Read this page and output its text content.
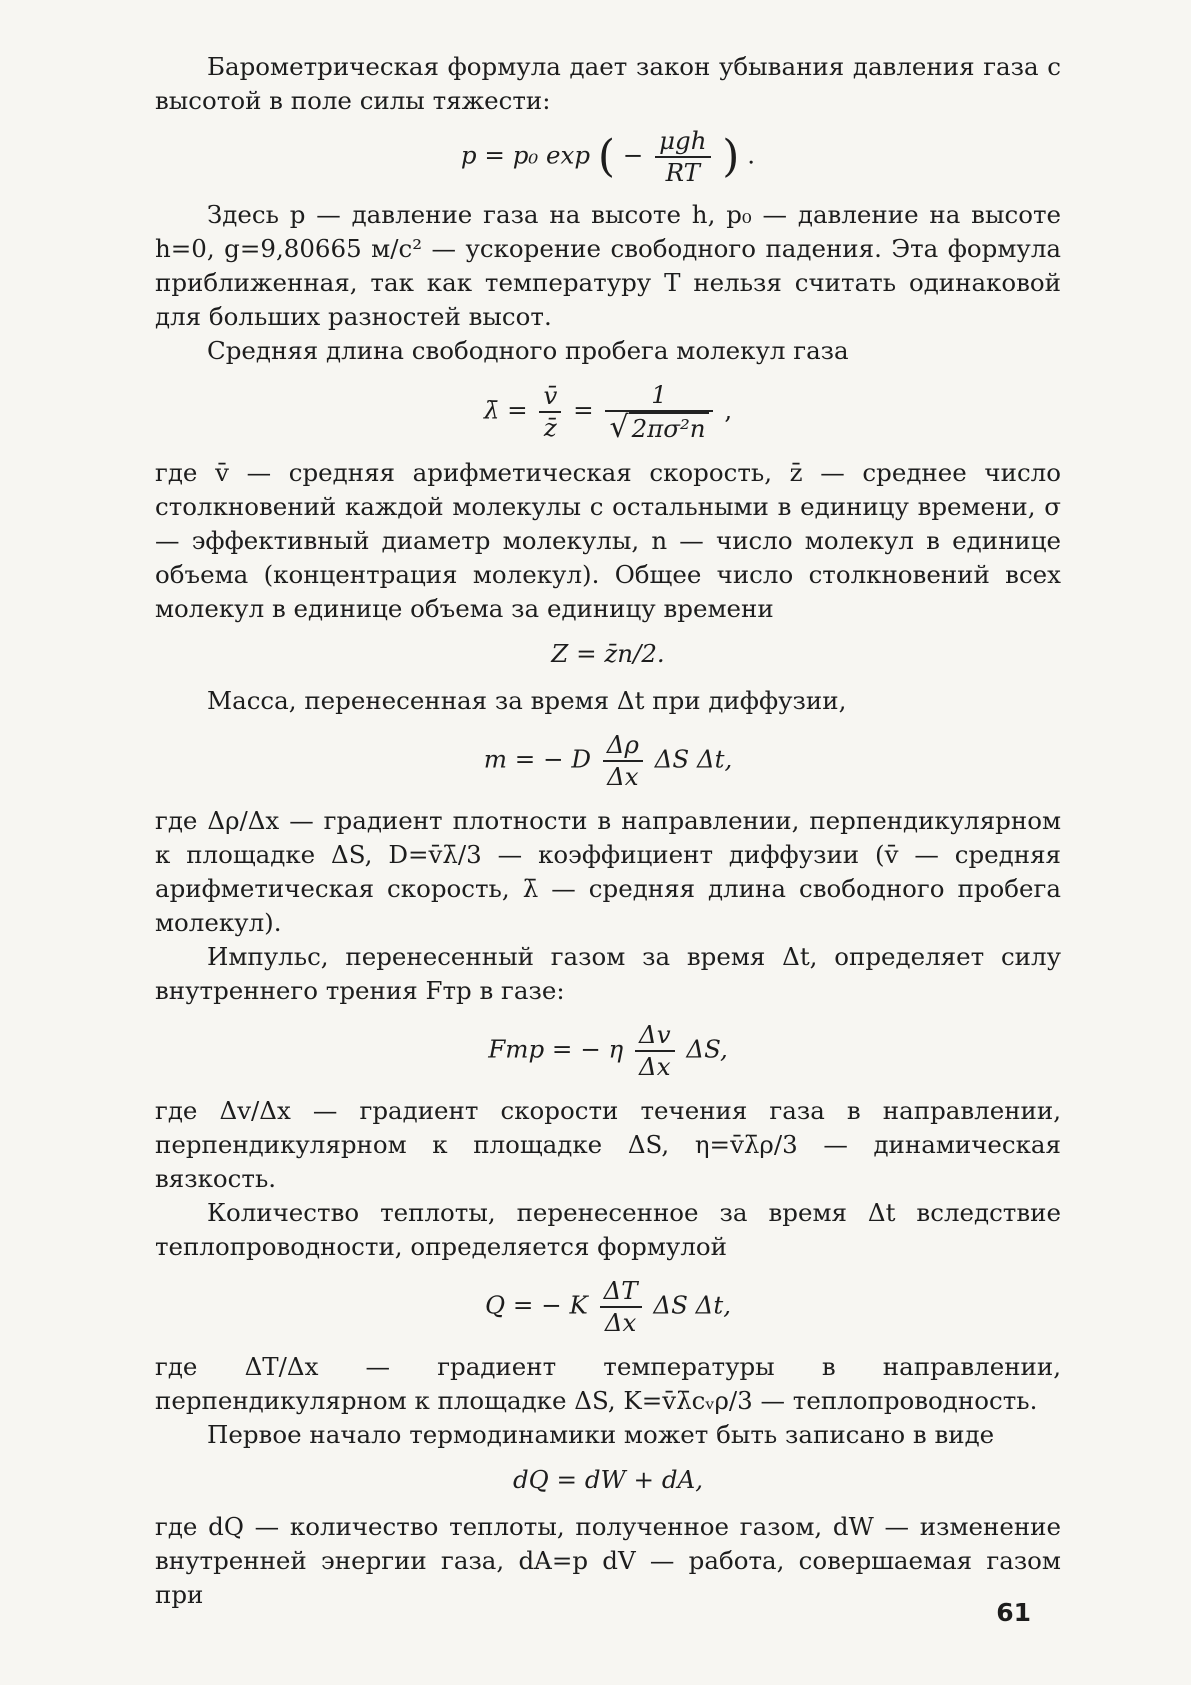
Барометрическая формула дает закон убывания давления газа с высотой в поле силы тяжести:

p = p₀ exp ( − $\frac{\text{μgh}}{RT}$ ) .

Здесь p — давление газа на высоте h, p₀ — давление на высоте h=0, g=9,80665 м/с² — ускорение свободного падения. Эта формула приближенная, так как температуру T нельзя считать одинаковой для больших разностей высот.

Средняя длина свободного пробега молекул газа

λ̄ = $\frac{v̄}{z̄} = \frac{1}{\text{√ 2πσ²n}}$ ,

где v̄ — средняя арифметическая скорость, z̄ — среднее число столкновений каждой молекулы с остальными в единицу времени, σ — эффективный диаметр молекулы, n — число молекул в единице объема (концентрация молекул). Общее число столкновений всех молекул в единице объема за единицу времени

Z = z̄n/2.

Масса, перенесенная за время Δt при диффузии,

m = − D $\frac{\Delta\rho}{\Delta x}$ ΔS Δt,

где Δρ/Δx — градиент плотности в направлении, перпендикулярном к площадке ΔS, D=v̄λ̄/3 — коэффициент диффузии (v̄ — средняя арифметическая скорость, λ̄ — средняя длина свободного пробега молекул).

Импульс, перенесенный газом за время Δt, определяет силу внутреннего трения Fтр в газе:

Fтр = − η $\frac{\Delta v}{\Delta x} \Delta S$,

где Δv/Δx — градиент скорости течения газа в направлении, перпендикулярном к площадке ΔS, η=v̄λ̄ρ/3 — динамическая вязкость.

Количество теплоты, перенесенное за время Δt вследствие теплопроводности, определяется формулой

Q = − K $\frac{\Delta T}{\Delta x}$ ΔS Δt,

где ΔT/Δx — градиент температуры в направлении, перпендикулярном к площадке ΔS, K=v̄λ̄cᵥρ/3 — теплопроводность.

Первое начало термодинамики может быть записано в виде

dQ = dW + dA,

где dQ — количество теплоты, полученное газом, dW — изменение внутренней энергии газа, dA=p dV — работа, совершаемая газом при

61
